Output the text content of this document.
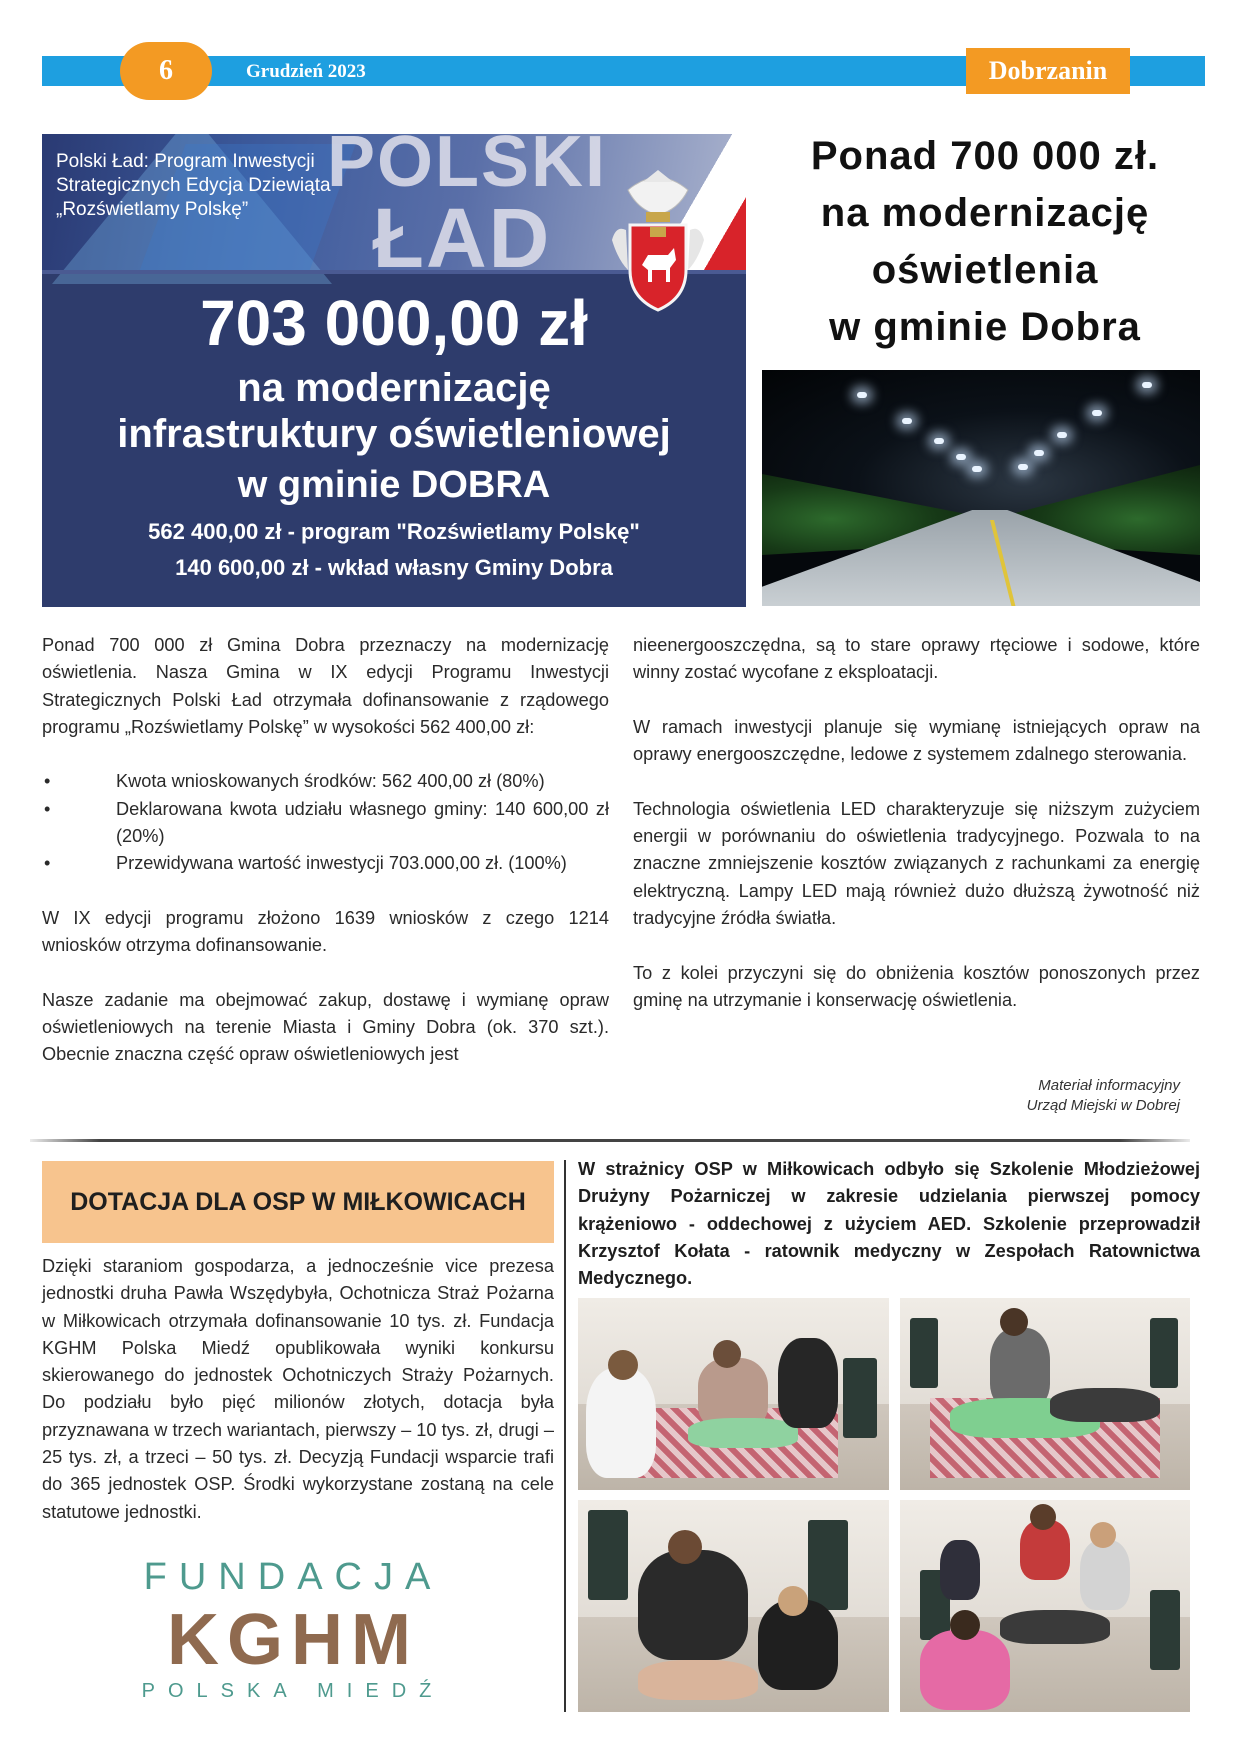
6	Grudzień 2023	Dobrzanin
POLSKI
ŁAD
Polski Ład: Program Inwestycji
Strategicznych Edycja Dziewiąta
„Rozświetlamy Polskę”
703 000,00 zł
na modernizację
infrastruktury oświetleniowej
w gminie DOBRA
562 400,00 zł - program "Rozświetlamy Polskę"
140 600,00 zł - wkład własny Gminy Dobra
Ponad 700 000 zł.
na modernizację
oświetlenia
w gminie Dobra

Ponad 700 000 zł Gmina Dobra przeznaczy na modernizację oświetlenia. Nasza Gmina w IX edycji Programu Inwestycji Strategicznych Polski Ład otrzymała dofinansowanie z rządowego programu „Rozświetlamy Polskę” w wysokości 562 400,00 zł:

• Kwota wnioskowanych środków: 562 400,00 zł (80%)
• Deklarowana kwota udziału własnego gminy: 140 600,00 zł (20%)
• Przewidywana wartość inwestycji 703.000,00 zł. (100%)

W IX edycji programu złożono 1639 wniosków z czego 1214 wniosków otrzyma dofinansowanie.

Nasze zadanie ma obejmować zakup, dostawę i wymianę opraw oświetleniowych na terenie Miasta i Gminy Dobra (ok. 370 szt.). Obecnie znaczna część opraw oświetleniowych jest

nieenergooszczędna, są to stare oprawy rtęciowe i sodowe, które winny zostać wycofane z eksploatacji.

W ramach inwestycji planuje się wymianę istniejących opraw na oprawy energooszczędne, ledowe z systemem zdalnego sterowania.

Technologia oświetlenia LED charakteryzuje się niższym zużyciem energii w porównaniu do oświetlenia tradycyjnego. Pozwala to na znaczne zmniejszenie kosztów związanych z rachunkami za energię elektryczną. Lampy LED mają również dużo dłuższą żywotność niż tradycyjne źródła światła.

To z kolei przyczyni się do obniżenia kosztów ponoszonych przez gminę na utrzymanie i konserwację oświetlenia.

Materiał informacyjny
Urząd Miejski w Dobrej
DOTACJA DLA OSP W MIŁKOWICACH
Dzięki staraniom gospodarza, a jednocześnie vice prezesa jednostki druha Pawła Wszędybyła, Ochotnicza Straż Pożarna w Miłkowicach otrzymała dofinansowanie 10 tys. zł. Fundacja KGHM Polska Miedź opublikowała wyniki konkursu skierowanego do jednostek Ochotniczych Straży Pożarnych. Do podziału było pięć milionów złotych, dotacja była przyznawana w trzech wariantach, pierwszy – 10 tys. zł, drugi – 25 tys. zł, a trzeci – 50 tys. zł. Decyzją Fundacji wsparcie trafi do 365 jednostek OSP. Środki wykorzystane zostaną na cele statutowe jednostki.
FUNDACJA
KGHM
POLSKA MIEDŹ
W strażnicy OSP w Miłkowicach odbyło się Szkolenie Młodzieżowej Drużyny Pożarniczej w zakresie udzielania pierwszej pomocy krążeniowo - oddechowej z użyciem AED. Szkolenie przeprowadził Krzysztof Kołata - ratownik medyczny w Zespołach Ratownictwa Medycznego.
